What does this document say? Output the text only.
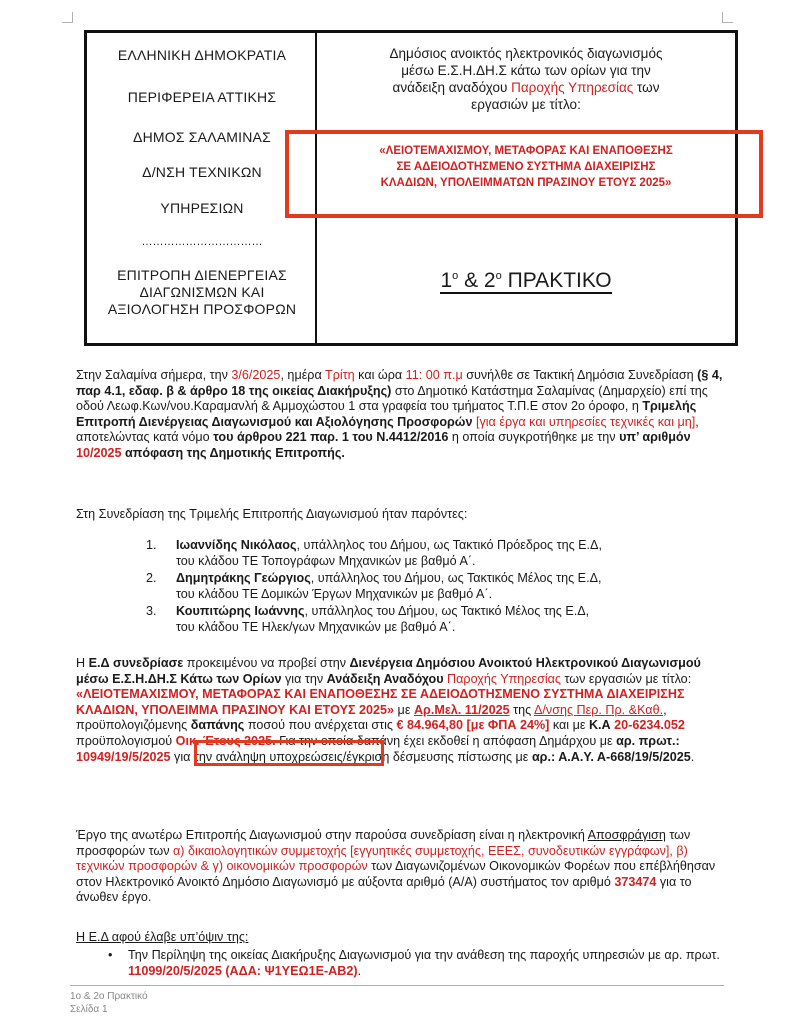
ΕΛΛΗΝΙΚΗ ΔΗΜΟΚΡΑΤΙΑ
ΠΕΡΙΦΕΡΕΙΑ ΑΤΤΙΚΗΣ
ΔΗΜΟΣ ΣΑΛΑΜΙΝΑΣ
Δ/ΝΣΗ ΤΕΧΝΙΚΩΝ
ΥΠΗΡΕΣΙΩΝ
……………………………
ΕΠΙΤΡΟΠΗ ΔΙΕΝΕΡΓΕΙΑΣ
ΔΙΑΓΩΝΙΣΜΩΝ ΚΑΙ
ΑΞΙΟΛΟΓΗΣΗ ΠΡΟΣΦΟΡΩΝ
Δημόσιος ανοικτός ηλεκτρονικός διαγωνισμός
μέσω Ε.Σ.Η.ΔΗ.Σ κάτω των ορίων για την
ανάδειξη αναδόχου Παροχής Υπηρεσίας των
εργασιών με τίτλο:
«ΛΕΙΟΤΕΜΑΧΙΣΜΟΥ, ΜΕΤΑΦΟΡΑΣ ΚΑΙ ΕΝΑΠΟΘΕΣΗΣ
ΣΕ ΑΔΕΙΟΔΟΤΗΣΜΕΝΟ ΣΥΣΤΗΜΑ ΔΙΑΧΕΙΡΙΣΗΣ
ΚΛΑΔΙΩΝ, ΥΠΟΛΕΙΜΜΑΤΩΝ ΠΡΑΣΙΝΟΥ ΕΤΟΥΣ 2025»
$1^o$ & $2^o$ ΠΡΑΚΤΙΚΟ
Στην Σαλαμίνα σήμερα, την 3/6/2025, ημέρα Τρίτη και ώρα 11: 00 π.μ συνήλθε σε Τακτική Δημόσια Συνεδρίαση (§ 4, παρ 4.1, εδαφ. β & άρθρο 18 της οικείας Διακήρυξης) στο Δημοτικό Κατάστημα Σαλαμίνας (Δημαρχείο) επί της οδού Λεωφ.Κων/νου.Καραμανλή & Αμμοχώστου 1 στα γραφεία του τμήματος Τ.Π.Ε στον 2ο όροφο, η Τριμελής Επιτροπή Διενέργειας Διαγωνισμού και Αξιολόγησης Προσφορών [για έργα και υπηρεσίες τεχνικές και μη], αποτελώντας κατά νόμο του άρθρου 221 παρ. 1 του Ν.4412/2016 η οποία συγκροτήθηκε με την υπ’ αριθμόν 10/2025 απόφαση της Δημοτικής Επιτροπής.
Στη Συνεδρίαση της Τριμελής Επιτροπής Διαγωνισμού ήταν παρόντες:
1. Ιωαννίδης Νικόλαος, υπάλληλος του Δήμου, ως Τακτικό Πρόεδρος της Ε.Δ,
του κλάδου ΤΕ Τοπογράφων Μηχανικών με βαθμό Α΄.
2. Δημητράκης Γεώργιος, υπάλληλος του Δήμου, ως Τακτικός Μέλος της Ε.Δ,
του κλάδου ΤΕ Δομικών Έργων Μηχανικών με βαθμό Α΄.
3. Κουπιτώρης Ιωάννης, υπάλληλος του Δήμου, ως Τακτικό Μέλος της Ε.Δ,
του κλάδου ΤΕ Ηλεκ/γων Μηχανικών με βαθμό Α΄.
Η Ε.Δ συνεδρίασε προκειμένου να προβεί στην Διενέργεια Δημόσιου Ανοικτού Ηλεκτρονικού Διαγωνισμού μέσω Ε.Σ.Η.ΔΗ.Σ Κάτω των Ορίων για την Ανάδειξη Αναδόχου Παροχής Υπηρεσίας των εργασιών με τίτλο: «ΛΕΙΟΤΕΜΑΧΙΣΜΟΥ, ΜΕΤΑΦΟΡΑΣ ΚΑΙ ΕΝΑΠΟΘΕΣΗΣ ΣΕ ΑΔΕΙΟΔΟΤΗΣΜΕΝΟ ΣΥΣΤΗΜΑ ΔΙΑΧΕΙΡΙΣΗΣ ΚΛΑΔΙΩΝ, ΥΠΟΛΕΙΜΜΑ ΠΡΑΣΙΝΟΥ ΚΑΙ ΕΤΟΥΣ 2025» με Αρ.Μελ. 11/2025 της Δ/νσης Περ. Πρ. &Καθ., προϋπολογιζόμενης δαπάνης ποσού που ανέρχεται στις € 84.964,80 [με ΦΠΑ 24%] και με Κ.Α 20-6234.052 προϋπολογισμού Οικ. Έτους 2025. Για την οποία δαπάνη έχει εκδοθεί η απόφαση Δημάρχου με αρ. πρωτ.: 10949/19/5/2025 για την ανάληψη υποχρεώσεις/έγκριση δέσμευσης πίστωσης με αρ.: Α.Α.Υ. Α-668/19/5/2025.
Έργο της ανωτέρω Επιτροπής Διαγωνισμού στην παρούσα συνεδρίαση είναι η ηλεκτρονική Αποσφράγιση των προσφορών των α) δικαιολογητικών συμμετοχής [εγγυητικές συμμετοχής, ΕΕΕΣ, συνοδευτικών εγγράφων], β) τεχνικών προσφορών & γ) οικονομικών προσφορών των Διαγωνιζομένων Οικονομικών Φορέων που επέβλήθησαν στον Ηλεκτρονικό Ανοικτό Δημόσιο Διαγωνισμό με αύξοντα αριθμό (Α/Α) συστήματος τον αριθμό 373474 για το άνωθεν έργο.
Η Ε.Δ αφού έλαβε υπ’όψιν της:
• Την Περίληψη της οικείας Διακήρυξης Διαγωνισμού για την ανάθεση της παροχής υπηρεσιών με αρ. πρωτ. 11099/20/5/2025 (ΑΔΑ: Ψ1ΥΕΩ1Ε-ΑΒ2).
1ο & 2ο Πρακτικό
Σελίδα 1
